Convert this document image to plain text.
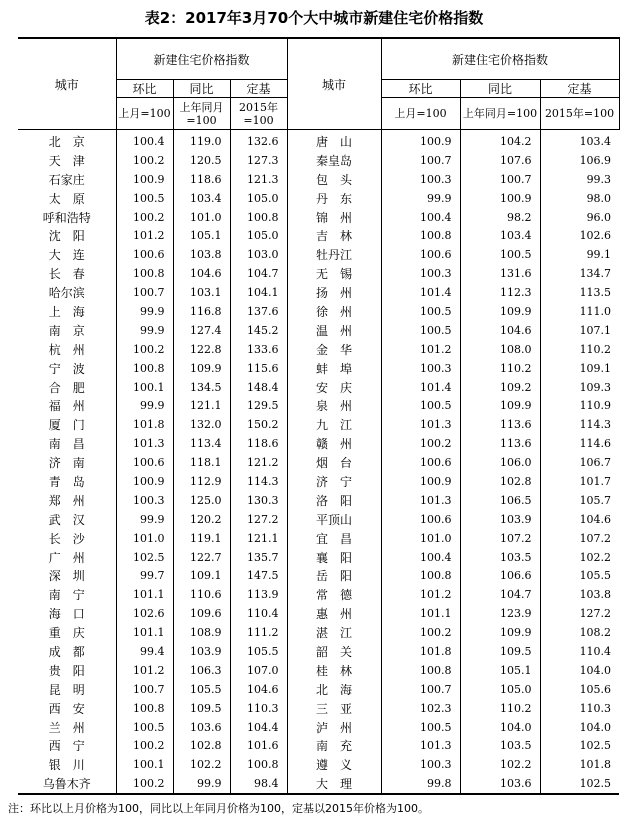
表2：2017年3月70个大中城市新建住宅价格指数
城市	新建住宅价格指数			城市	新建住宅价格指数		
	环比	同比	定基		环比	同比	定基
	上月=100	上年同月=100	2015年=100		上月=100	上年同月=100	2015年=100
北　京	100.4	119.0	132.6	唐　山	100.9	104.2	103.4
天　津	100.2	120.5	127.3	秦皇岛	100.7	107.6	106.9
石家庄	100.9	118.6	121.3	包　头	100.3	100.7	99.3
太　原	100.5	103.4	105.0	丹　东	99.9	100.9	98.0
呼和浩特	100.2	101.0	100.8	锦　州	100.4	98.2	96.0
沈　阳	101.2	105.1	105.0	吉　林	100.8	103.4	102.6
大　连	100.6	103.8	103.0	牡丹江	100.6	100.5	99.1
长　春	100.8	104.6	104.7	无　锡	100.3	131.6	134.7
哈尔滨	100.7	103.1	104.1	扬　州	101.4	112.3	113.5
上　海	99.9	116.8	137.6	徐　州	100.5	109.9	111.0
南　京	99.9	127.4	145.2	温　州	100.5	104.6	107.1
杭　州	100.2	122.8	133.6	金　华	101.2	108.0	110.2
宁　波	100.8	109.9	115.6	蚌　埠	100.3	110.2	109.1
合　肥	100.1	134.5	148.4	安　庆	101.4	109.2	109.3
福　州	99.9	121.1	129.5	泉　州	100.5	109.9	110.9
厦　门	101.8	132.0	150.2	九　江	101.3	113.6	114.3
南　昌	101.3	113.4	118.6	赣　州	100.2	113.6	114.6
济　南	100.6	118.1	121.2	烟　台	100.6	106.0	106.7
青　岛	100.9	112.9	114.3	济　宁	100.9	102.8	101.7
郑　州	100.3	125.0	130.3	洛　阳	101.3	106.5	105.7
武　汉	99.9	120.2	127.2	平顶山	100.6	103.9	104.6
长　沙	101.0	119.1	121.1	宜　昌	101.0	107.2	107.2
广　州	102.5	122.7	135.7	襄　阳	100.4	103.5	102.2
深　圳	99.7	109.1	147.5	岳　阳	100.8	106.6	105.5
南　宁	101.1	110.6	113.9	常　德	101.2	104.7	103.8
海　口	102.6	109.6	110.4	惠　州	101.1	123.9	127.2
重　庆	101.1	108.9	111.2	湛　江	100.2	109.9	108.2
成　都	99.4	103.9	105.5	韶　关	101.8	109.5	110.4
贵　阳	101.2	106.3	107.0	桂　林	100.8	105.1	104.0
昆　明	100.7	105.5	104.6	北　海	100.7	105.0	105.6
西　安	100.8	109.5	110.3	三　亚	102.3	110.2	110.3
兰　州	100.5	103.6	104.4	泸　州	100.5	104.0	104.0
西　宁	100.2	102.8	101.6	南　充	101.3	103.5	102.5
银　川	100.1	102.2	100.8	遵　义	100.3	102.2	101.8
乌鲁木齐	100.2	99.9	98.4	大　理	99.8	103.6	102.5
注：环比以上月价格为100，同比以上年同月价格为100，定基以2015年价格为100。
